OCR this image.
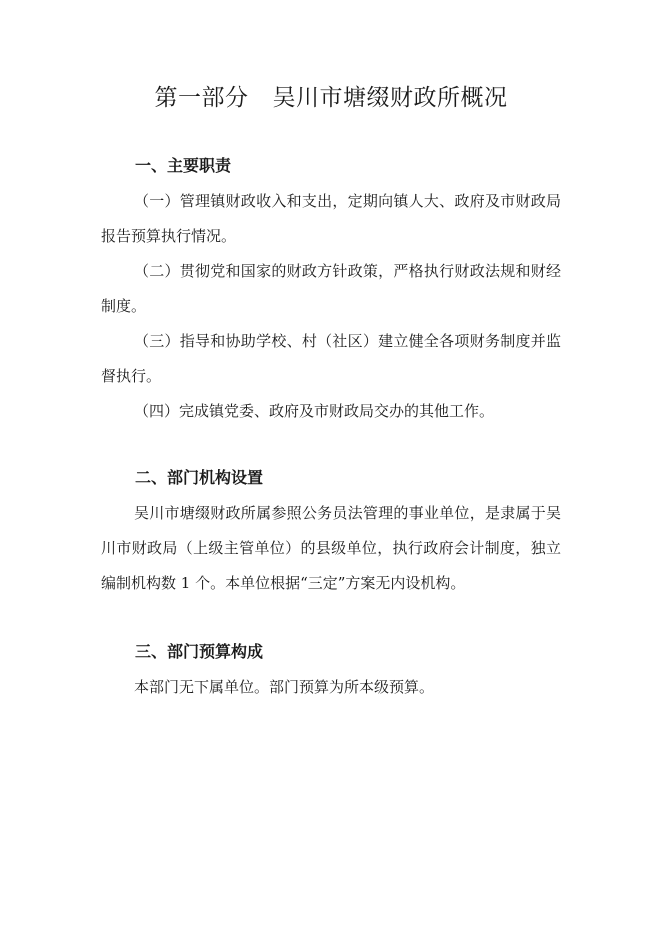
第一部分 吴川市塘缀财政所概况
一、主要职责

（一）管理镇财政收入和支出，定期向镇人大、政府及市财政局报告预算执行情况。

（二）贯彻党和国家的财政方针政策，严格执行财政法规和财经制度。

（三）指导和协助学校、村（社区）建立健全各项财务制度并监督执行。

（四）完成镇党委、政府及市财政局交办的其他工作。

二、部门机构设置

吴川市塘缀财政所属参照公务员法管理的事业单位，是隶属于吴川市财政局（上级主管单位）的县级单位，执行政府会计制度，独立编制机构数 1 个。本单位根据“三定”方案无内设机构。

三、部门预算构成

本部门无下属单位。部门预算为所本级预算。
